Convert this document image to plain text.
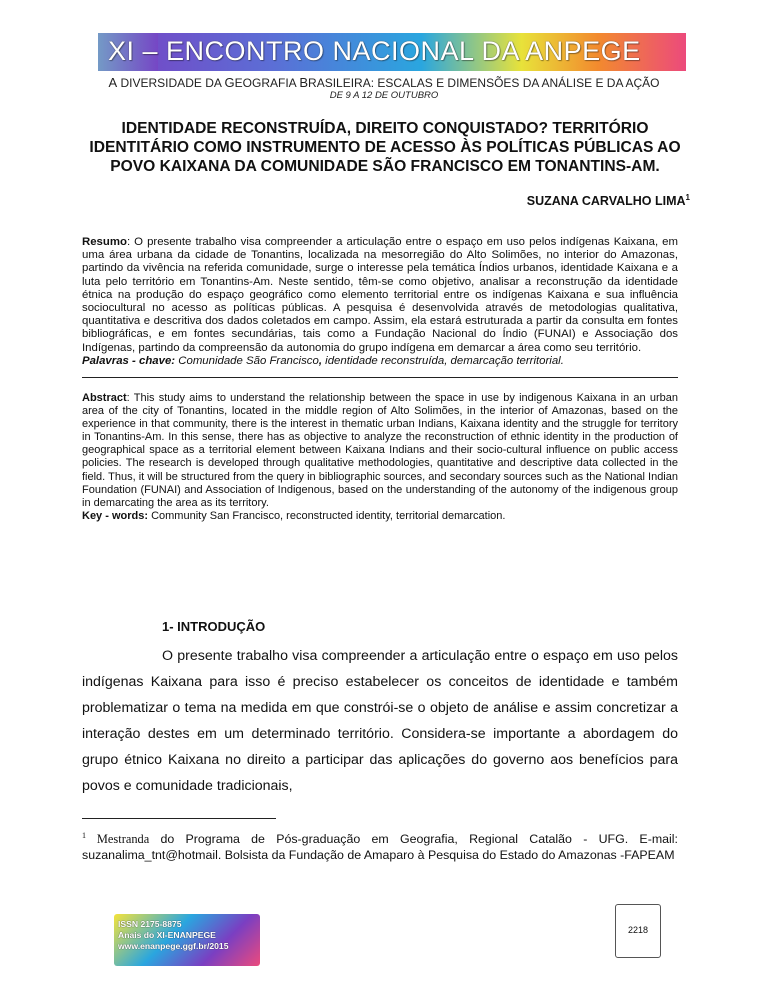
XI – ENCONTRO NACIONAL DA ANPEGE
A DIVERSIDADE DA GEOGRAFIA BRASILEIRA: ESCALAS E DIMENSÕES DA ANÁLISE E DA AÇÃO
DE 9 A 12 DE OUTUBRO
IDENTIDADE RECONSTRUÍDA, DIREITO CONQUISTADO? TERRITÓRIO IDENTITÁRIO COMO INSTRUMENTO DE ACESSO ÀS POLÍTICAS PÚBLICAS AO POVO KAIXANA DA COMUNIDADE SÃO FRANCISCO EM TONANTINS-AM.
SUZANA CARVALHO LIMA$^1$
Resumo: O presente trabalho visa compreender a articulação entre o espaço em uso pelos indígenas Kaixana, em uma área urbana da cidade de Tonantins, localizada na mesorregião do Alto Solimões, no interior do Amazonas, partindo da vivência na referida comunidade, surge o interesse pela temática Índios urbanos, identidade Kaixana e a luta pelo território em Tonantins-Am. Neste sentido, têm-se como objetivo, analisar a reconstrução da identidade étnica na produção do espaço geográfico como elemento territorial entre os indígenas Kaixana e sua influência sociocultural no acesso as políticas públicas. A pesquisa é desenvolvida através de metodologias qualitativa, quantitativa e descritiva dos dados coletados em campo. Assim, ela estará estruturada a partir da consulta em fontes bibliográficas, e em fontes secundárias, tais como a Fundação Nacional do Índio (FUNAI) e Associação dos Indígenas, partindo da compreensão da autonomia do grupo indígena em demarcar a área como seu território.
Palavras - chave: Comunidade São Francisco, identidade reconstruída, demarcação territorial.
Abstract: This study aims to understand the relationship between the space in use by indigenous Kaixana in an urban area of the city of Tonantins, located in the middle region of Alto Solimões, in the interior of Amazonas, based on the experience in that community, there is the interest in thematic urban Indians, Kaixana identity and the struggle for territory in Tonantins-Am. In this sense, there has as objective to analyze the reconstruction of ethnic identity in the production of geographical space as a territorial element between Kaixana Indians and their socio-cultural influence on public access policies. The research is developed through qualitative methodologies, quantitative and descriptive data collected in the field. Thus, it will be structured from the query in bibliographic sources, and secondary sources such as the National Indian Foundation (FUNAI) and Association of Indigenous, based on the understanding of the autonomy of the indigenous group in demarcating the area as its territory.
Key - words: Community San Francisco, reconstructed identity, territorial demarcation.
1- INTRODUÇÃO

O presente trabalho visa compreender a articulação entre o espaço em uso pelos indígenas Kaixana para isso é preciso estabelecer os conceitos de identidade e também problematizar o tema na medida em que constrói-se o objeto de análise e assim concretizar a interação destes em um determinado território. Considera-se importante a abordagem do grupo étnico Kaixana no direito a participar das aplicações do governo aos benefícios para povos e comunidade tradicionais,

$^1$ Mestranda do Programa de Pós-graduação em Geografia, Regional Catalão - UFG. E-mail: suzanalima_tnt@hotmail. Bolsista da Fundação de Amaparo à Pesquisa do Estado do Amazonas -FAPEAM
ISSN 2175-8875
Anais do XI-ENANPEGE
www.enanpege.ggf.br/2015
2218
